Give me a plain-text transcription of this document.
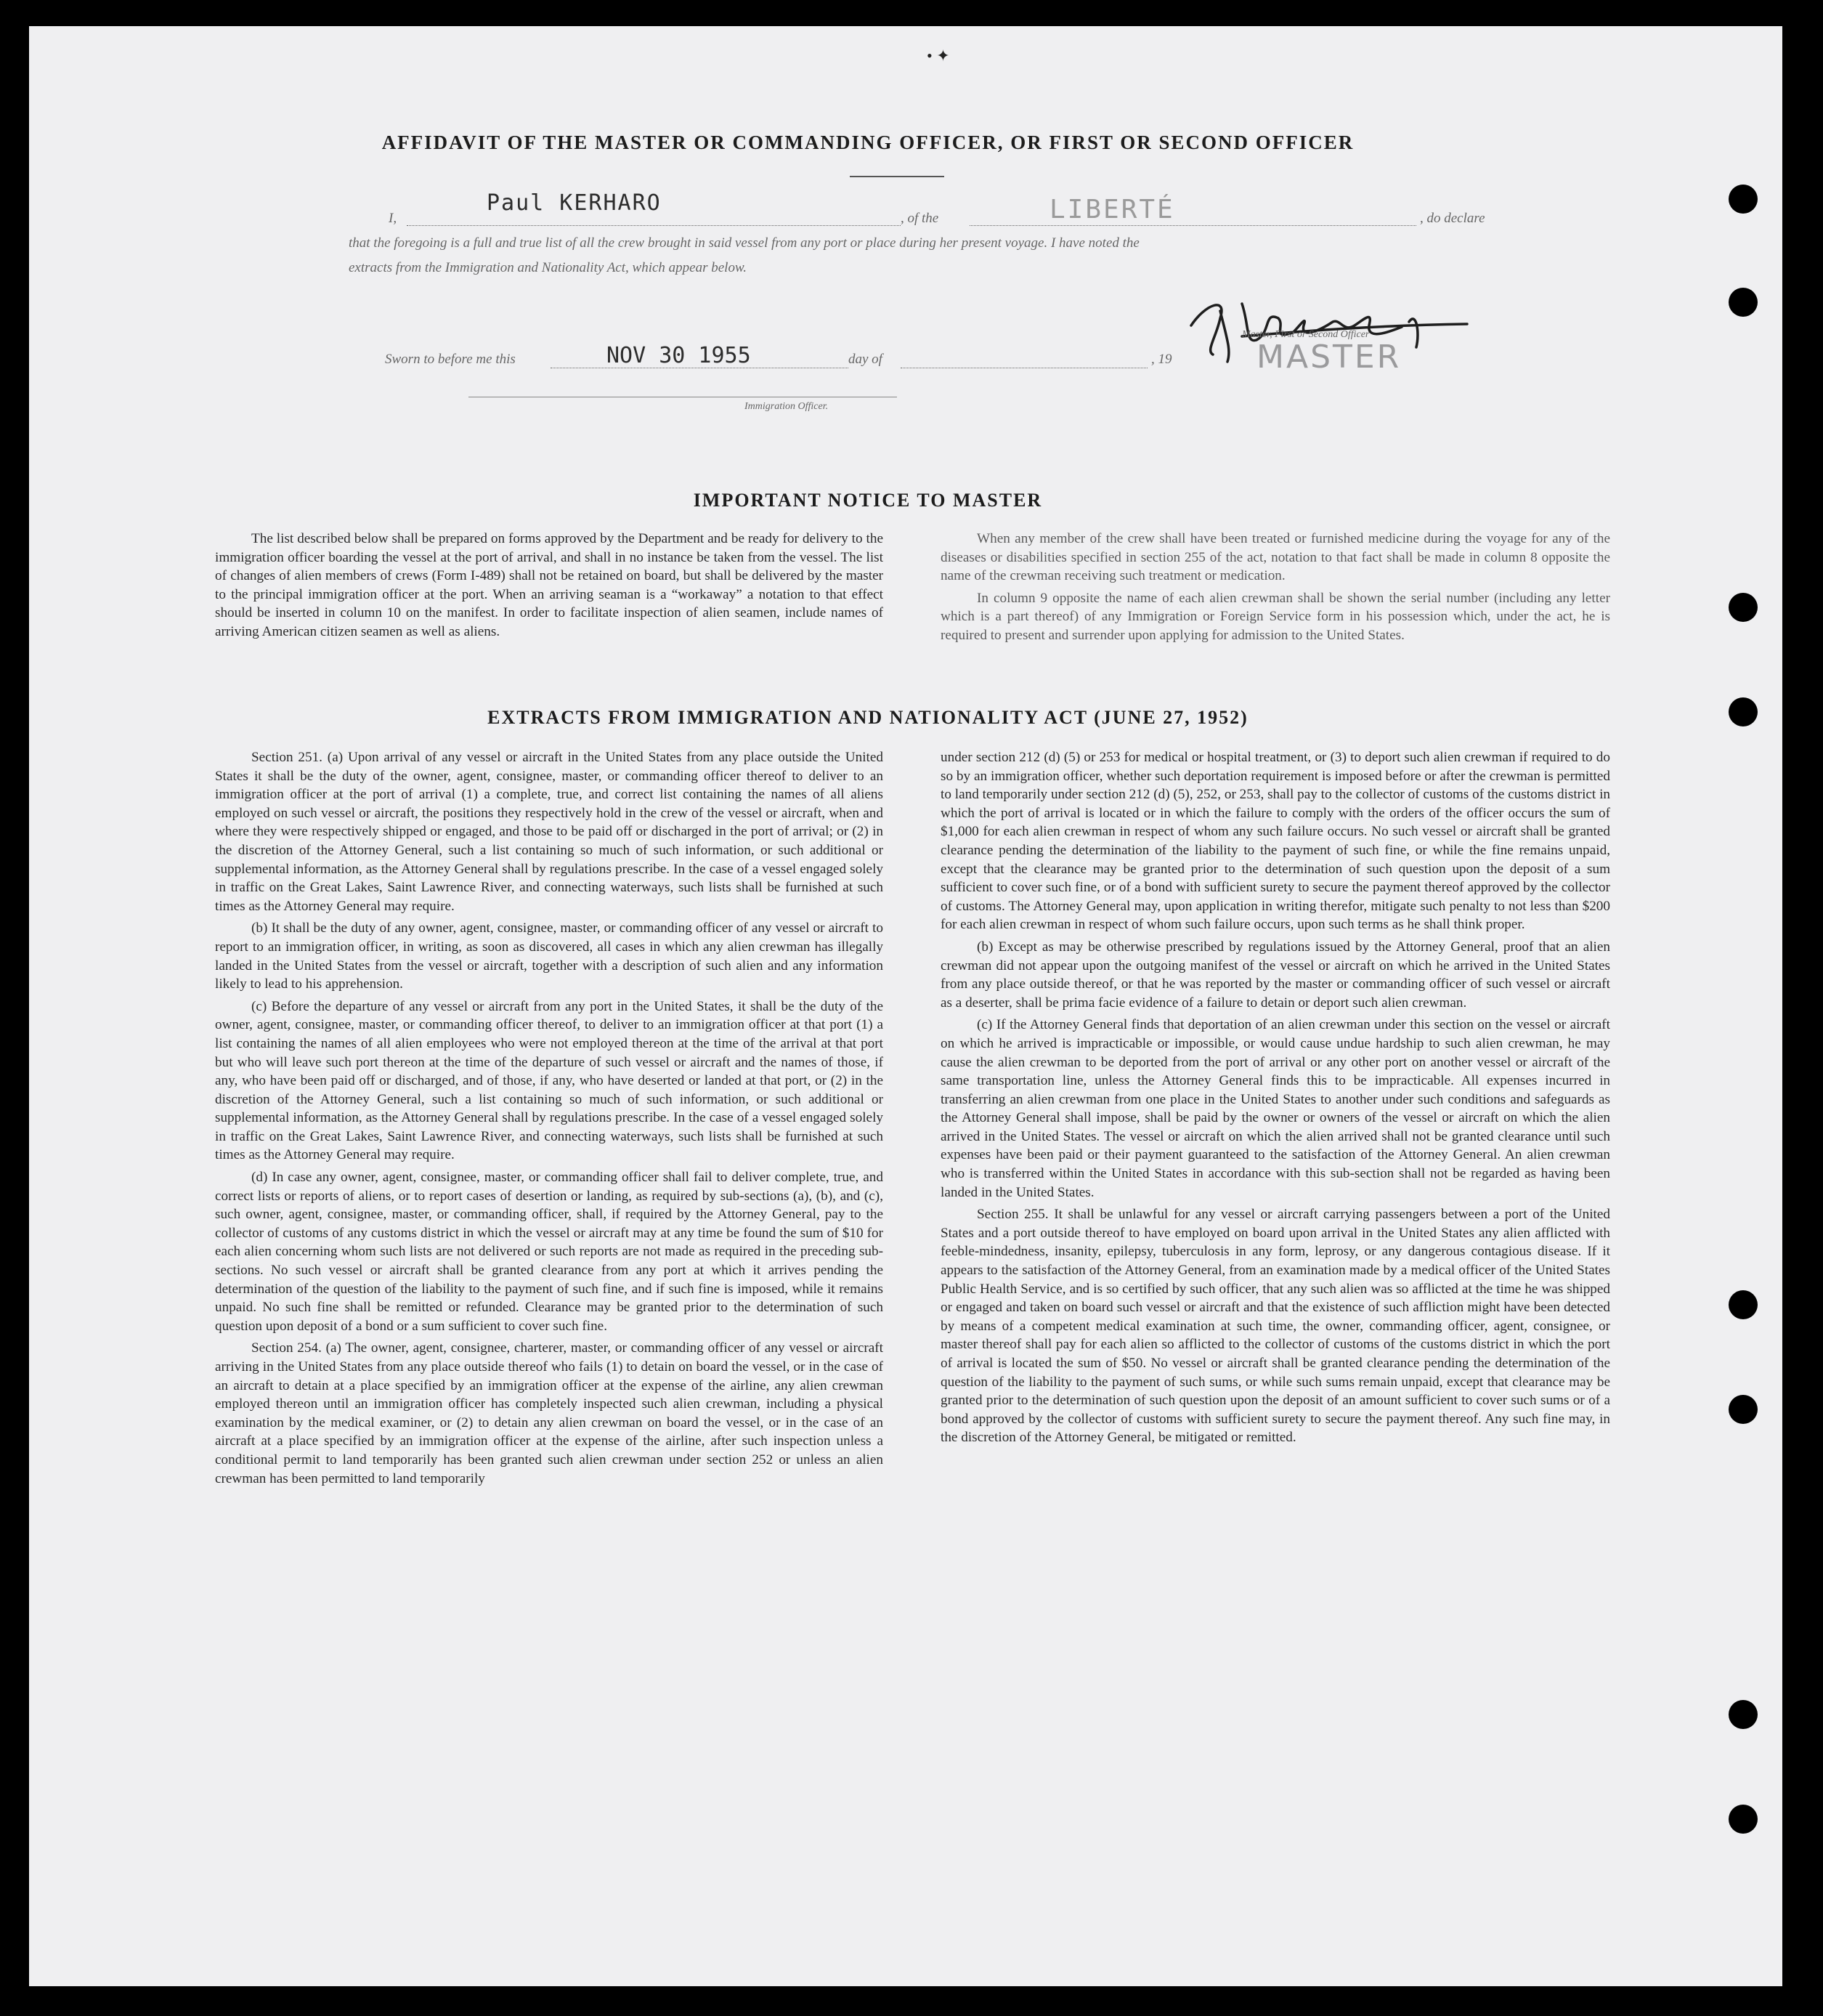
• ✦
AFFIDAVIT OF THE MASTER OR COMMANDING OFFICER, OR FIRST OR SECOND OFFICER
I,
Paul KERHARO
, of the	LIBERTÉ	, do declare
that the foregoing is a full and true list of all the crew brought in said vessel from any port or place during her present voyage. I have noted the
extracts from the Immigration and Nationality Act, which appear below.
Master, First or Second Officer
MASTER
Sworn to before me this	NOV 30 1955	day of	, 19
Immigration Officer.
IMPORTANT NOTICE TO MASTER

The list described below shall be prepared on forms approved by the Department and be ready for delivery to the immigration officer boarding the vessel at the port of arrival, and shall in no instance be taken from the vessel. The list of changes of alien members of crews (Form I-489) shall not be retained on board, but shall be delivered by the master to the principal immigration officer at the port. When an arriving seaman is a “workaway” a notation to that effect should be inserted in column 10 on the manifest. In order to facilitate inspection of alien seamen, include names of arriving American citizen seamen as well as aliens.

When any member of the crew shall have been treated or furnished medicine during the voyage for any of the diseases or disabilities specified in section 255 of the act, notation to that fact shall be made in column 8 opposite the name of the crewman receiving such treatment or medication.

In column 9 opposite the name of each alien crewman shall be shown the serial number (including any letter which is a part thereof) of any Immigration or Foreign Service form in his possession which, under the act, he is required to present and surrender upon applying for admission to the United States.

EXTRACTS FROM IMMIGRATION AND NATIONALITY ACT (JUNE 27, 1952)

Section 251. (a) Upon arrival of any vessel or aircraft in the United States from any place outside the United States it shall be the duty of the owner, agent, consignee, master, or commanding officer thereof to deliver to an immigration officer at the port of arrival (1) a complete, true, and correct list containing the names of all aliens employed on such vessel or aircraft, the positions they respectively hold in the crew of the vessel or aircraft, when and where they were respectively shipped or engaged, and those to be paid off or discharged in the port of arrival; or (2) in the discretion of the Attorney General, such a list containing so much of such information, or such additional or supplemental information, as the Attorney General shall by regulations prescribe. In the case of a vessel engaged solely in traffic on the Great Lakes, Saint Lawrence River, and connecting waterways, such lists shall be furnished at such times as the Attorney General may require.

(b) It shall be the duty of any owner, agent, consignee, master, or commanding officer of any vessel or aircraft to report to an immigration officer, in writing, as soon as discovered, all cases in which any alien crewman has illegally landed in the United States from the vessel or aircraft, together with a description of such alien and any information likely to lead to his apprehension.

(c) Before the departure of any vessel or aircraft from any port in the United States, it shall be the duty of the owner, agent, consignee, master, or commanding officer thereof, to deliver to an immigration officer at that port (1) a list containing the names of all alien employees who were not employed thereon at the time of the arrival at that port but who will leave such port thereon at the time of the departure of such vessel or aircraft and the names of those, if any, who have been paid off or discharged, and of those, if any, who have deserted or landed at that port, or (2) in the discretion of the Attorney General, such a list containing so much of such information, or such additional or supplemental information, as the Attorney General shall by regulations prescribe. In the case of a vessel engaged solely in traffic on the Great Lakes, Saint Lawrence River, and connecting waterways, such lists shall be furnished at such times as the Attorney General may require.

(d) In case any owner, agent, consignee, master, or commanding officer shall fail to deliver complete, true, and correct lists or reports of aliens, or to report cases of desertion or landing, as required by sub-sections (a), (b), and (c), such owner, agent, consignee, master, or commanding officer, shall, if required by the Attorney General, pay to the collector of customs of any customs district in which the vessel or aircraft may at any time be found the sum of $10 for each alien concerning whom such lists are not delivered or such reports are not made as required in the preceding sub-sections. No such vessel or aircraft shall be granted clearance from any port at which it arrives pending the determination of the question of the liability to the payment of such fine, and if such fine is imposed, while it remains unpaid. No such fine shall be remitted or refunded. Clearance may be granted prior to the determination of such question upon deposit of a bond or a sum sufficient to cover such fine.

Section 254. (a) The owner, agent, consignee, charterer, master, or commanding officer of any vessel or aircraft arriving in the United States from any place outside thereof who fails (1) to detain on board the vessel, or in the case of an aircraft to detain at a place specified by an immigration officer at the expense of the airline, any alien crewman employed thereon until an immigration officer has completely inspected such alien crewman, including a physical examination by the medical examiner, or (2) to detain any alien crewman on board the vessel, or in the case of an aircraft at a place specified by an immigration officer at the expense of the airline, after such inspection unless a conditional permit to land temporarily has been granted such alien crewman under section 252 or unless an alien crewman has been permitted to land temporarily

under section 212 (d) (5) or 253 for medical or hospital treatment, or (3) to deport such alien crewman if required to do so by an immigration officer, whether such deportation requirement is imposed before or after the crewman is permitted to land temporarily under section 212 (d) (5), 252, or 253, shall pay to the collector of customs of the customs district in which the port of arrival is located or in which the failure to comply with the orders of the officer occurs the sum of $1,000 for each alien crewman in respect of whom any such failure occurs. No such vessel or aircraft shall be granted clearance pending the determination of the liability to the payment of such fine, or while the fine remains unpaid, except that the clearance may be granted prior to the determination of such question upon the deposit of a sum sufficient to cover such fine, or of a bond with sufficient surety to secure the payment thereof approved by the collector of customs. The Attorney General may, upon application in writing therefor, mitigate such penalty to not less than $200 for each alien crewman in respect of whom such failure occurs, upon such terms as he shall think proper.

(b) Except as may be otherwise prescribed by regulations issued by the Attorney General, proof that an alien crewman did not appear upon the outgoing manifest of the vessel or aircraft on which he arrived in the United States from any place outside thereof, or that he was reported by the master or commanding officer of such vessel or aircraft as a deserter, shall be prima facie evidence of a failure to detain or deport such alien crewman.

(c) If the Attorney General finds that deportation of an alien crewman under this section on the vessel or aircraft on which he arrived is impracticable or impossible, or would cause undue hardship to such alien crewman, he may cause the alien crewman to be deported from the port of arrival or any other port on another vessel or aircraft of the same transportation line, unless the Attorney General finds this to be impracticable. All expenses incurred in transferring an alien crewman from one place in the United States to another under such conditions and safeguards as the Attorney General shall impose, shall be paid by the owner or owners of the vessel or aircraft on which the alien arrived in the United States. The vessel or aircraft on which the alien arrived shall not be granted clearance until such expenses have been paid or their payment guaranteed to the satisfaction of the Attorney General. An alien crewman who is transferred within the United States in accordance with this sub-section shall not be regarded as having been landed in the United States.

Section 255. It shall be unlawful for any vessel or aircraft carrying passengers between a port of the United States and a port outside thereof to have employed on board upon arrival in the United States any alien afflicted with feeble-mindedness, insanity, epilepsy, tuberculosis in any form, leprosy, or any dangerous contagious disease. If it appears to the satisfaction of the Attorney General, from an examination made by a medical officer of the United States Public Health Service, and is so certified by such officer, that any such alien was so afflicted at the time he was shipped or engaged and taken on board such vessel or aircraft and that the existence of such affliction might have been detected by means of a competent medical examination at such time, the owner, commanding officer, agent, consignee, or master thereof shall pay for each alien so afflicted to the collector of customs of the customs district in which the port of arrival is located the sum of $50. No vessel or aircraft shall be granted clearance pending the determination of the question of the liability to the payment of such sums, or while such sums remain unpaid, except that clearance may be granted prior to the determination of such question upon the deposit of an amount sufficient to cover such sums or of a bond approved by the collector of customs with sufficient surety to secure the payment thereof. Any such fine may, in the discretion of the Attorney General, be mitigated or remitted.
